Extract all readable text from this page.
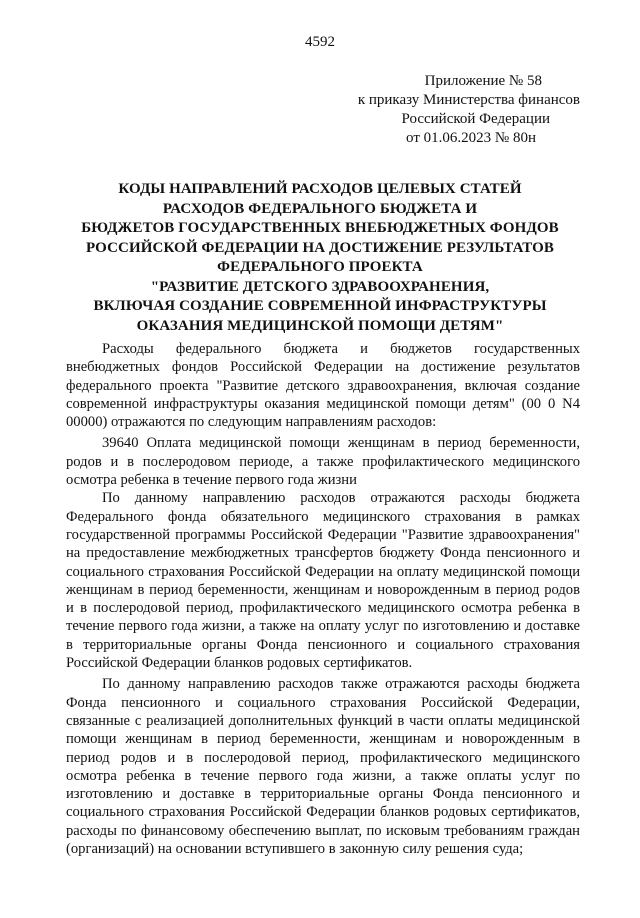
4592
Приложение № 58
к приказу Министерства финансов
Российской Федерации
от 01.06.2023 № 80н
КОДЫ НАПРАВЛЕНИЙ РАСХОДОВ ЦЕЛЕВЫХ СТАТЕЙ
РАСХОДОВ ФЕДЕРАЛЬНОГО БЮДЖЕТА И
БЮДЖЕТОВ ГОСУДАРСТВЕННЫХ ВНЕБЮДЖЕТНЫХ ФОНДОВ
РОССИЙСКОЙ ФЕДЕРАЦИИ НА ДОСТИЖЕНИЕ РЕЗУЛЬТАТОВ
ФЕДЕРАЛЬНОГО ПРОЕКТА
"РАЗВИТИЕ ДЕТСКОГО ЗДРАВООХРАНЕНИЯ,
ВКЛЮЧАЯ СОЗДАНИЕ СОВРЕМЕННОЙ ИНФРАСТРУКТУРЫ
ОКАЗАНИЯ МЕДИЦИНСКОЙ ПОМОЩИ ДЕТЯМ"

Расходы федерального бюджета и бюджетов государственных внебюджетных фондов Российской Федерации на достижение результатов федерального проекта "Развитие детского здравоохранения, включая создание современной инфраструктуры оказания медицинской помощи детям" (00 0 N4 00000) отражаются по следующим направлениям расходов:

39640 Оплата медицинской помощи женщинам в период беременности, родов и в послеродовом периоде, а также профилактического медицинского осмотра ребенка в течение первого года жизни

По данному направлению расходов отражаются расходы бюджета Федерального фонда обязательного медицинского страхования в рамках государственной программы Российской Федерации "Развитие здравоохранения" на предоставление межбюджетных трансфертов бюджету Фонда пенсионного и социального страхования Российской Федерации на оплату медицинской помощи женщинам в период беременности, женщинам и новорожденным в период родов и в послеродовой период, профилактического медицинского осмотра ребенка в течение первого года жизни, а также на оплату услуг по изготовлению и доставке в территориальные органы Фонда пенсионного и социального страхования Российской Федерации бланков родовых сертификатов.

По данному направлению расходов также отражаются расходы бюджета Фонда пенсионного и социального страхования Российской Федерации, связанные с реализацией дополнительных функций в части оплаты медицинской помощи женщинам в период беременности, женщинам и новорожденным в период родов и в послеродовой период, профилактического медицинского осмотра ребенка в течение первого года жизни, а также оплаты услуг по изготовлению и доставке в территориальные органы Фонда пенсионного и социального страхования Российской Федерации бланков родовых сертификатов, расходы по финансовому обеспечению выплат, по исковым требованиям граждан (организаций) на основании вступившего в законную силу решения суда;
